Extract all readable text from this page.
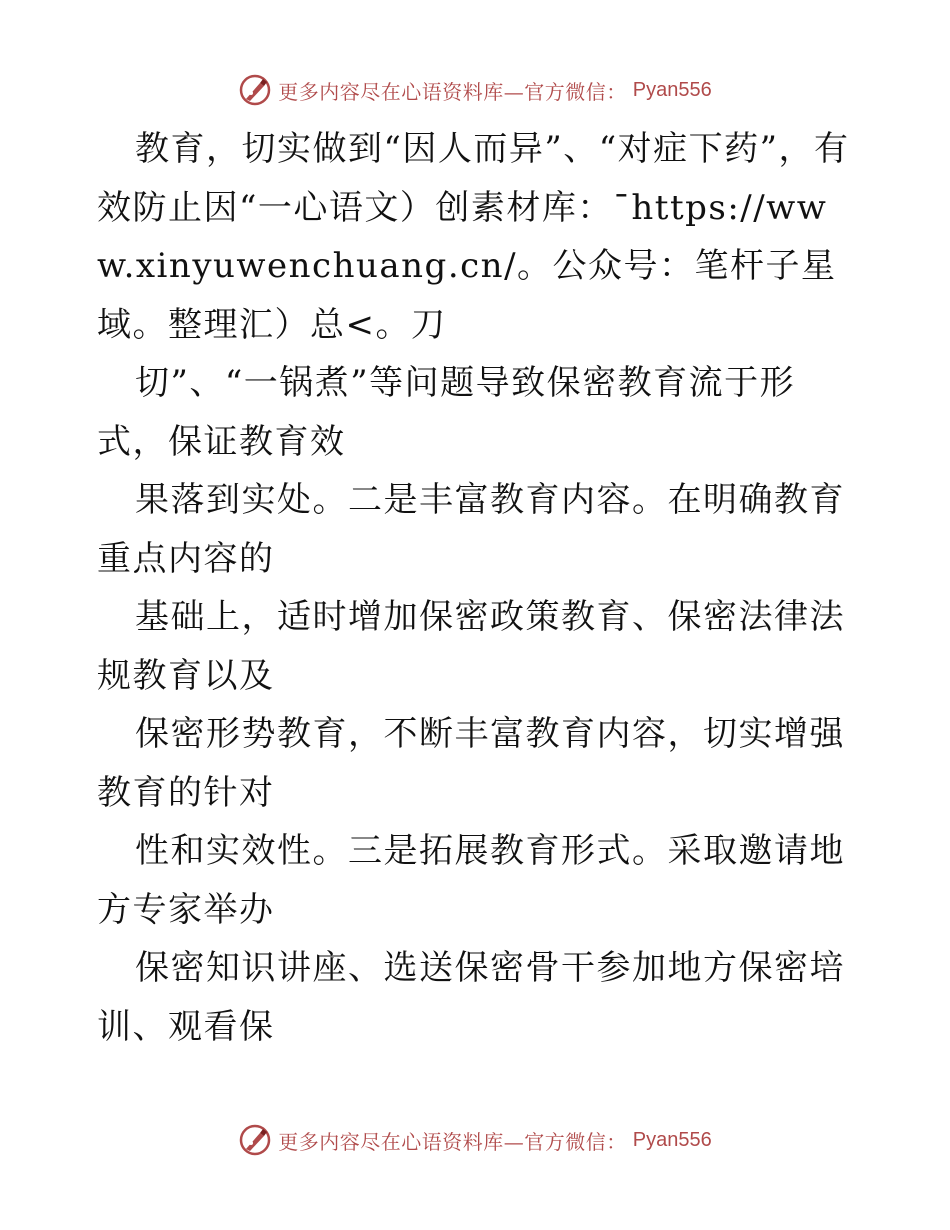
更多内容尽在心语资料库—官方微信： Pyan556

教育，切实做到“因人而异”、“对症下药”，有效防止因“一心语文）创素材库：¯https://www.xinyuwenchuang.cn/。公众号：笔杆子星域。整理汇）总<。刀

切”、“一锅煮”等问题导致保密教育流于形式，保证教育效

果落到实处。二是丰富教育内容。在明确教育重点内容的

基础上，适时增加保密政策教育、保密法律法规教育以及

保密形势教育，不断丰富教育内容，切实增强教育的针对

性和实效性。三是拓展教育形式。采取邀请地方专家举办

保密知识讲座、选送保密骨干参加地方保密培训、观看保

更多内容尽在心语资料库—官方微信： Pyan556
